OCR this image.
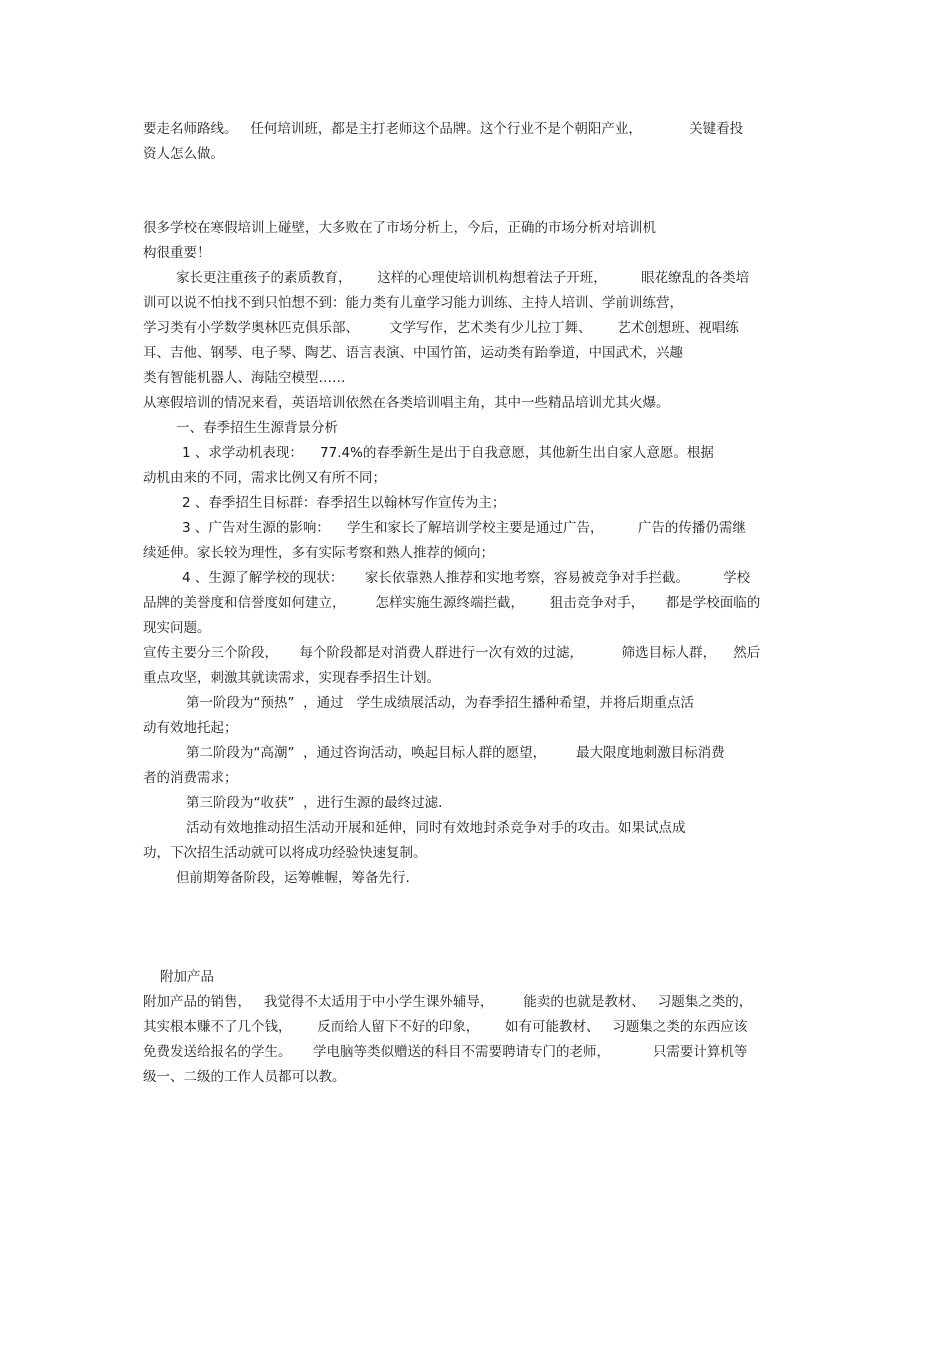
要走名师路线。   任何培训班，都是主打老师这个品牌。这个行业不是个朝阳产业，           关键看投
资人怎么做。
很多学校在寒假培训上碰壁，大多败在了市场分析上，今后，正确的市场分析对培训机
构很重要！
家长更注重孩子的素质教育，      这样的心理使培训机构想着法子开班，        眼花缭乱的各类培
训可以说不怕找不到只怕想不到：能力类有儿童学习能力训练、主持人培训、学前训练营，
学习类有小学数学奥林匹克俱乐部、       文学写作，艺术类有少儿拉丁舞、      艺术创想班、视唱练
耳、吉他、钢琴、电子琴、陶艺、语言表演、中国竹笛，运动类有跆拳道，中国武术，兴趣
类有智能机器人、海陆空模型……
从寒假培训的情况来看，英语培训依然在各类培训唱主角，其中一些精品培训尤其火爆。
一、春季招生生源背景分析
1 、求学动机表现：    77.4%的春季新生是出于自我意愿，其他新生出自家人意愿。根据
动机由来的不同，需求比例又有所不同；
2 、春季招生目标群：春季招生以翰林写作宣传为主；
3 、广告对生源的影响：    学生和家长了解培训学校主要是通过广告，        广告的传播仍需继
续延伸。家长较为理性，多有实际考察和熟人推荐的倾向；
4 、生源了解学校的现状：     家长依靠熟人推荐和实地考察，容易被竞争对手拦截。        学校
品牌的美誉度和信誉度如何建立，       怎样实施生源终端拦截，      狙击竞争对手，     都是学校面临的
现实问题。
宣传主要分三个阶段，     每个阶段都是对消费人群进行一次有效的过滤，         筛选目标人群，    然后
重点攻坚，刺激其就读需求，实现春季招生计划。
第一阶段为“预热”  ，通过   学生成绩展活动，为春季招生播种希望，并将后期重点活
动有效地托起；
第二阶段为“高潮”  ，通过咨询活动，唤起目标人群的愿望，       最大限度地刺激目标消费
者的消费需求；
第三阶段为“收获”  ，进行生源的最终过滤.
活动有效地推动招生活动开展和延伸，同时有效地封杀竞争对手的攻击。如果试点成
功，下次招生活动就可以将成功经验快速复制。
但前期筹备阶段，运筹帷幄，筹备先行.
附加产品
附加产品的销售，   我觉得不太适用于中小学生课外辅导，       能卖的也就是教材、   习题集之类的，
其实根本赚不了几个钱，      反而给人留下不好的印象，      如有可能教材、   习题集之类的东西应该
免费发送给报名的学生。     学电脑等类似赠送的科目不需要聘请专门的老师，          只需要计算机等
级一、二级的工作人员都可以教。
